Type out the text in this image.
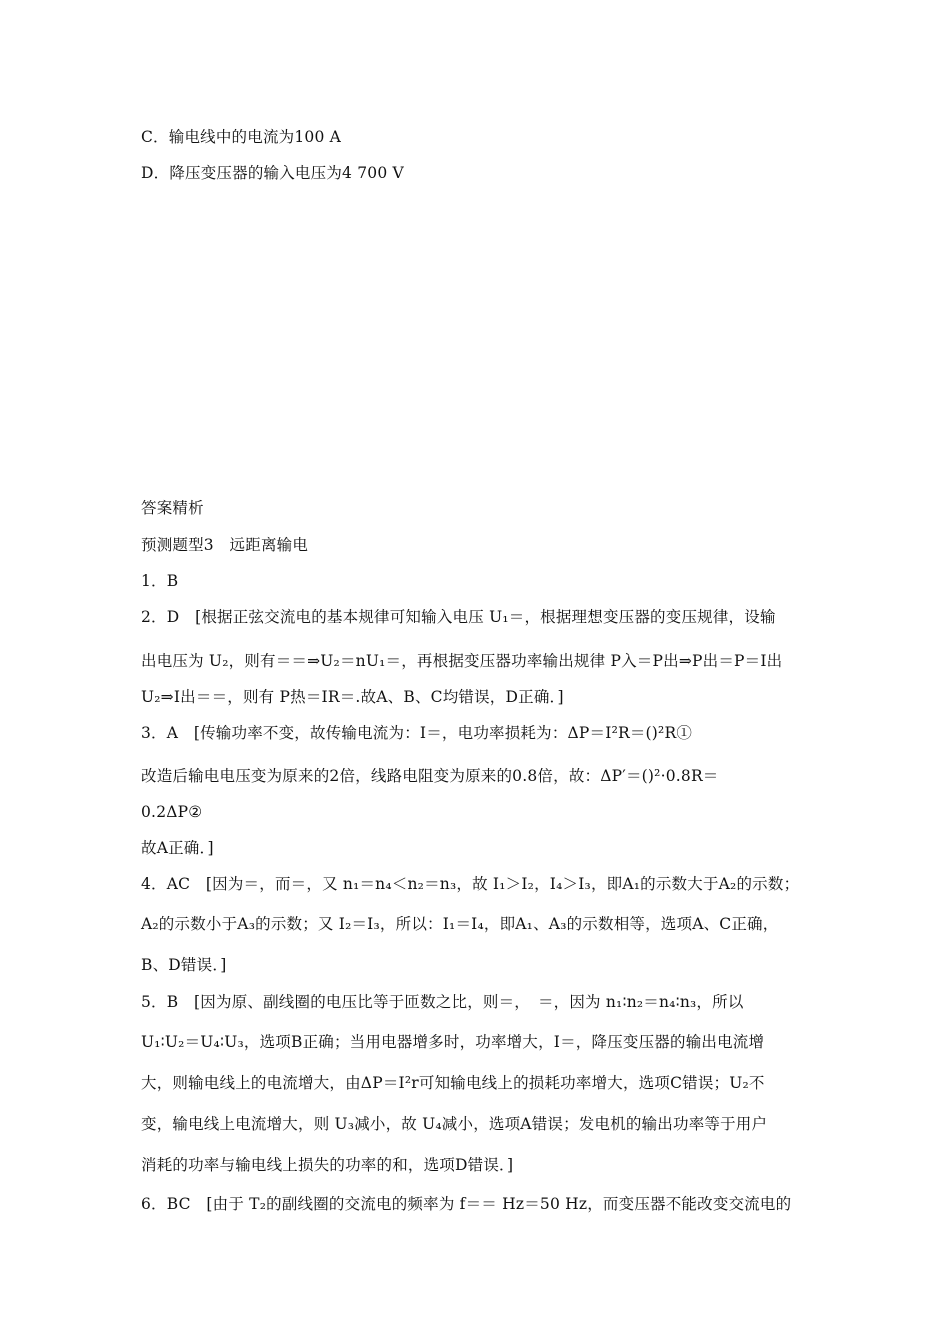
C．输电线中的电流为100 A
D．降压变压器的输入电压为4 700 V
答案精析
预测题型3　远距离输电
1．B
2．D　[根据正弦交流电的基本规律可知输入电压 U₁＝，根据理想变压器的变压规律，设输
出电压为 U₂，则有＝＝⇒U₂＝nU₁＝，再根据变压器功率输出规律 P入＝P出⇒P出＝P＝I出
U₂⇒I出＝＝，则有 P热＝IR＝.故A、B、C均错误，D正确．]
3．A　[传输功率不变，故传输电流为：I＝，电功率损耗为：ΔP＝I²R＝()²R①
改造后输电电压变为原来的2倍，线路电阻变为原来的0.8倍，故：ΔP′＝()²·0.8R＝
0.2ΔP②
故A正确．]
4．AC　[因为＝，而＝，又 n₁＝n₄＜n₂＝n₃，故 I₁＞I₂，I₄＞I₃，即A₁的示数大于A₂的示数；
A₂的示数小于A₃的示数；又 I₂＝I₃，所以：I₁＝I₄，即A₁、A₃的示数相等，选项A、C正确，
B、D错误．]
5．B　[因为原、副线圈的电压比等于匝数之比，则＝，　＝，因为 n₁∶n₂＝n₄∶n₃，所以
U₁∶U₂＝U₄∶U₃，选项B正确；当用电器增多时，功率增大，I＝，降压变压器的输出电流增
大，则输电线上的电流增大，由ΔP＝I²r可知输电线上的损耗功率增大，选项C错误；U₂不
变，输电线上电流增大，则 U₃减小，故 U₄减小，选项A错误；发电机的输出功率等于用户
消耗的功率与输电线上损失的功率的和，选项D错误．]
6．BC　[由于 T₂的副线圈的交流电的频率为 f＝＝ Hz＝50 Hz，而变压器不能改变交流电的
